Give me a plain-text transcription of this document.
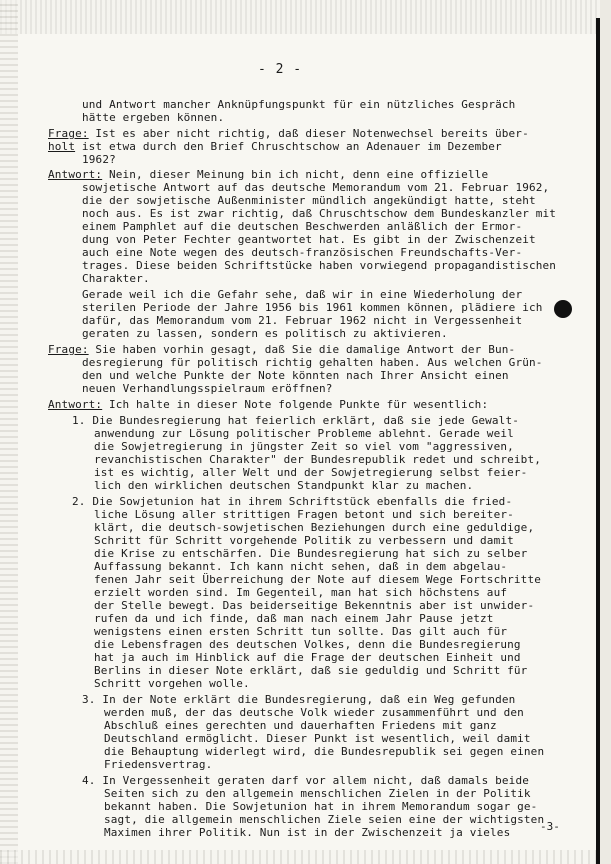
- 2 -
und Antwort mancher Anknüpfungspunkt für ein nützliches Gespräch
hätte ergeben können.
Frage: Ist es aber nicht richtig, daß dieser Notenwechsel bereits über-
holt ist etwa durch den Brief Chruschtschow an Adenauer im Dezember
1962?
Antwort: Nein, dieser Meinung bin ich nicht, denn eine offizielle
sowjetische Antwort auf das deutsche Memorandum vom 21. Februar 1962,
die der sowjetische Außenminister mündlich angekündigt hatte, steht
noch aus. Es ist zwar richtig, daß Chruschtschow dem Bundeskanzler mit
einem Pamphlet auf die deutschen Beschwerden anläßlich der Ermor-
dung von Peter Fechter geantwortet hat. Es gibt in der Zwischenzeit
auch eine Note wegen des deutsch-französischen Freundschafts-Ver-
trages. Diese beiden Schriftstücke haben vorwiegend propagandistischen
Charakter.
Gerade weil ich die Gefahr sehe, daß wir in eine Wiederholung der
sterilen Periode der Jahre 1956 bis 1961 kommen können, plädiere ich
dafür, das Memorandum vom 21. Februar 1962 nicht in Vergessenheit
geraten zu lassen, sondern es politisch zu aktivieren.
Frage: Sie haben vorhin gesagt, daß Sie die damalige Antwort der Bun-
desregierung für politisch richtig gehalten haben. Aus welchen Grün-
den und welche Punkte der Note könnten nach Ihrer Ansicht einen
neuen Verhandlungsspielraum eröffnen?
Antwort: Ich halte in dieser Note folgende Punkte für wesentlich:
1. Die Bundesregierung hat feierlich erklärt, daß sie jede Gewalt-
anwendung zur Lösung politischer Probleme ablehnt. Gerade weil
die Sowjetregierung in jüngster Zeit so viel vom "aggressiven,
revanchistischen Charakter" der Bundesrepublik redet und schreibt,
ist es wichtig, aller Welt und der Sowjetregierung selbst feier-
lich den wirklichen deutschen Standpunkt klar zu machen.
2. Die Sowjetunion hat in ihrem Schriftstück ebenfalls die fried-
liche Lösung aller strittigen Fragen betont und sich bereiter-
klärt, die deutsch-sowjetischen Beziehungen durch eine geduldige,
Schritt für Schritt vorgehende Politik zu verbessern und damit
die Krise zu entschärfen. Die Bundesregierung hat sich zu selber
Auffassung bekannt. Ich kann nicht sehen, daß in dem abgelau-
fenen Jahr seit Überreichung der Note auf diesem Wege Fortschritte
erzielt worden sind. Im Gegenteil, man hat sich höchstens auf
der Stelle bewegt. Das beiderseitige Bekenntnis aber ist unwider-
rufen da und ich finde, daß man nach einem Jahr Pause jetzt
wenigstens einen ersten Schritt tun sollte. Das gilt auch für
die Lebensfragen des deutschen Volkes, denn die Bundesregierung
hat ja auch im Hinblick auf die Frage der deutschen Einheit und
Berlins in dieser Note erklärt, daß sie geduldig und Schritt für
Schritt vorgehen wolle.
3. In der Note erklärt die Bundesregierung, daß ein Weg gefunden
werden muß, der das deutsche Volk wieder zusammenführt und den
Abschluß eines gerechten und dauerhaften Friedens mit ganz
Deutschland ermöglicht. Dieser Punkt ist wesentlich, weil damit
die Behauptung widerlegt wird, die Bundesrepublik sei gegen einen
Friedensvertrag.
4. In Vergessenheit geraten darf vor allem nicht, daß damals beide
Seiten sich zu den allgemein menschlichen Zielen in der Politik
bekannt haben. Die Sowjetunion hat in ihrem Memorandum sogar ge-
sagt, die allgemein menschlichen Ziele seien eine der wichtigsten
Maximen ihrer Politik. Nun ist in der Zwischenzeit ja vieles	-3-
